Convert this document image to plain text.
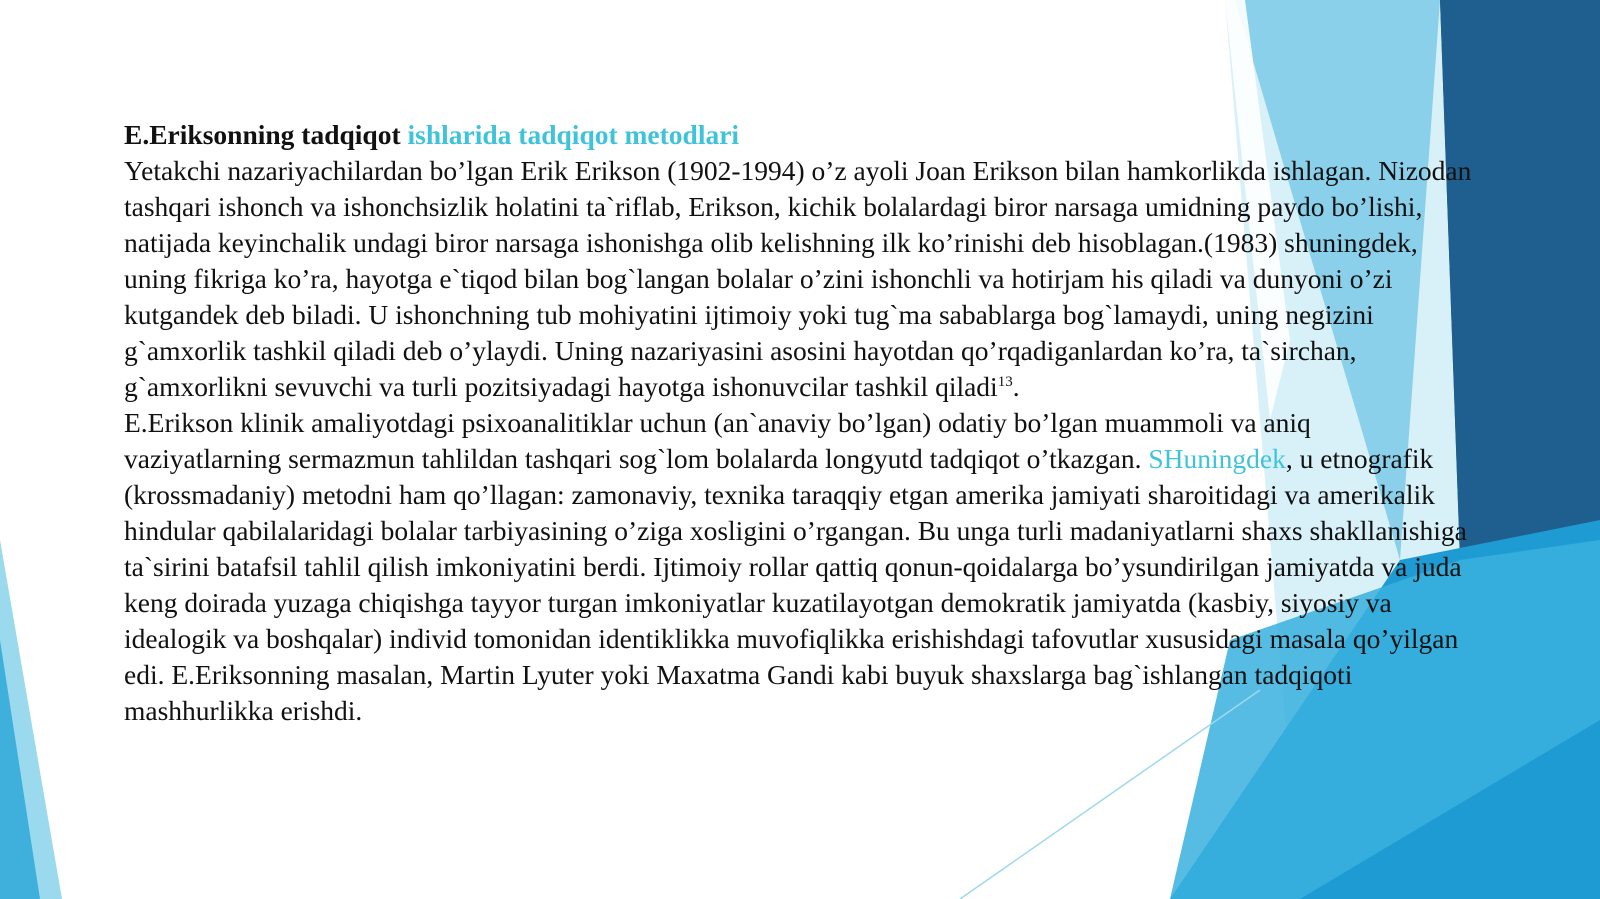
E.Eriksonning tadqiqot ishlarida tadqiqot metodlari

Yetakchi nazariyachilardan bo’lgan Erik Erikson (1902-1994) o’z ayoli Joan Erikson bilan hamkorlikda ishlagan. Nizodan tashqari ishonch va ishonchsizlik holatini ta`riflab, Erikson, kichik bolalardagi biror narsaga umidning paydo bo’lishi, natijada keyinchalik undagi biror narsaga ishonishga olib kelishning ilk ko’rinishi deb hisoblagan.(1983) shuningdek, uning fikriga ko’ra, hayotga e`tiqod bilan bog`langan bolalar o’zini ishonchli va hotirjam his qiladi va dunyoni o’zi kutgandek deb biladi. U ishonchning tub mohiyatini ijtimoiy yoki tug`ma sabablarga bog`lamaydi, uning negizini g`amxorlik tashkil qiladi deb o’ylaydi. Uning nazariyasini asosini hayotdan qo’rqadiganlardan ko’ra, ta`sirchan, g`amxorlikni sevuvchi va turli pozitsiyadagi hayotga ishonuvcilar tashkil qiladi$^{13}$.

E.Erikson klinik amaliyotdagi psixoanalitiklar uchun (an`anaviy bo’lgan) odatiy bo’lgan muammoli va aniq vaziyatlarning sermazmun tahlildan tashqari sog`lom bolalarda longyutd tadqiqot o’tkazgan. SHuningdek, u etnografik (krossmadaniy) metodni ham qo’llagan: zamonaviy, texnika taraqqiy etgan amerika jamiyati sharoitidagi va amerikalik hindular qabilalaridagi bolalar tarbiyasining o’ziga xosligini o’rgangan. Bu unga turli madaniyatlarni shaxs shakllanishiga ta`sirini batafsil tahlil qilish imkoniyatini berdi. Ijtimoiy rollar qattiq qonun-qoidalarga bo’ysundirilgan jamiyatda va juda keng doirada yuzaga chiqishga tayyor turgan imkoniyatlar kuzatilayotgan demokratik jamiyatda (kasbiy, siyosiy va idealogik va boshqalar) individ tomonidan identiklikka muvofiqlikka erishishdagi tafovutlar xususidagi masala qo’yilgan edi. E.Eriksonning masalan, Martin Lyuter yoki Maxatma Gandi kabi buyuk shaxslarga bag`ishlangan tadqiqoti mashhurlikka erishdi.
